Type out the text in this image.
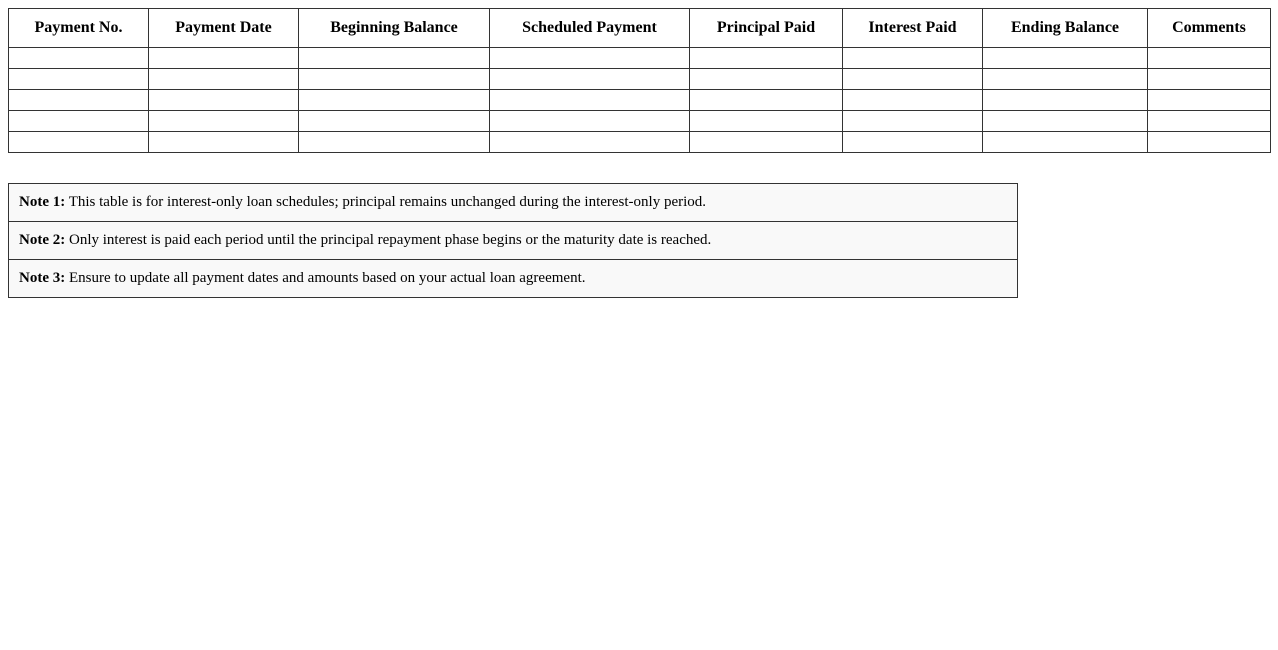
Payment No.	Payment Date	Beginning Balance	Scheduled Payment	Principal Paid	Interest Paid	Ending Balance	Comments

Note 1: This table is for interest-only loan schedules; principal remains unchanged during the interest-only period.
Note 2: Only interest is paid each period until the principal repayment phase begins or the maturity date is reached.
Note 3: Ensure to update all payment dates and amounts based on your actual loan agreement.
